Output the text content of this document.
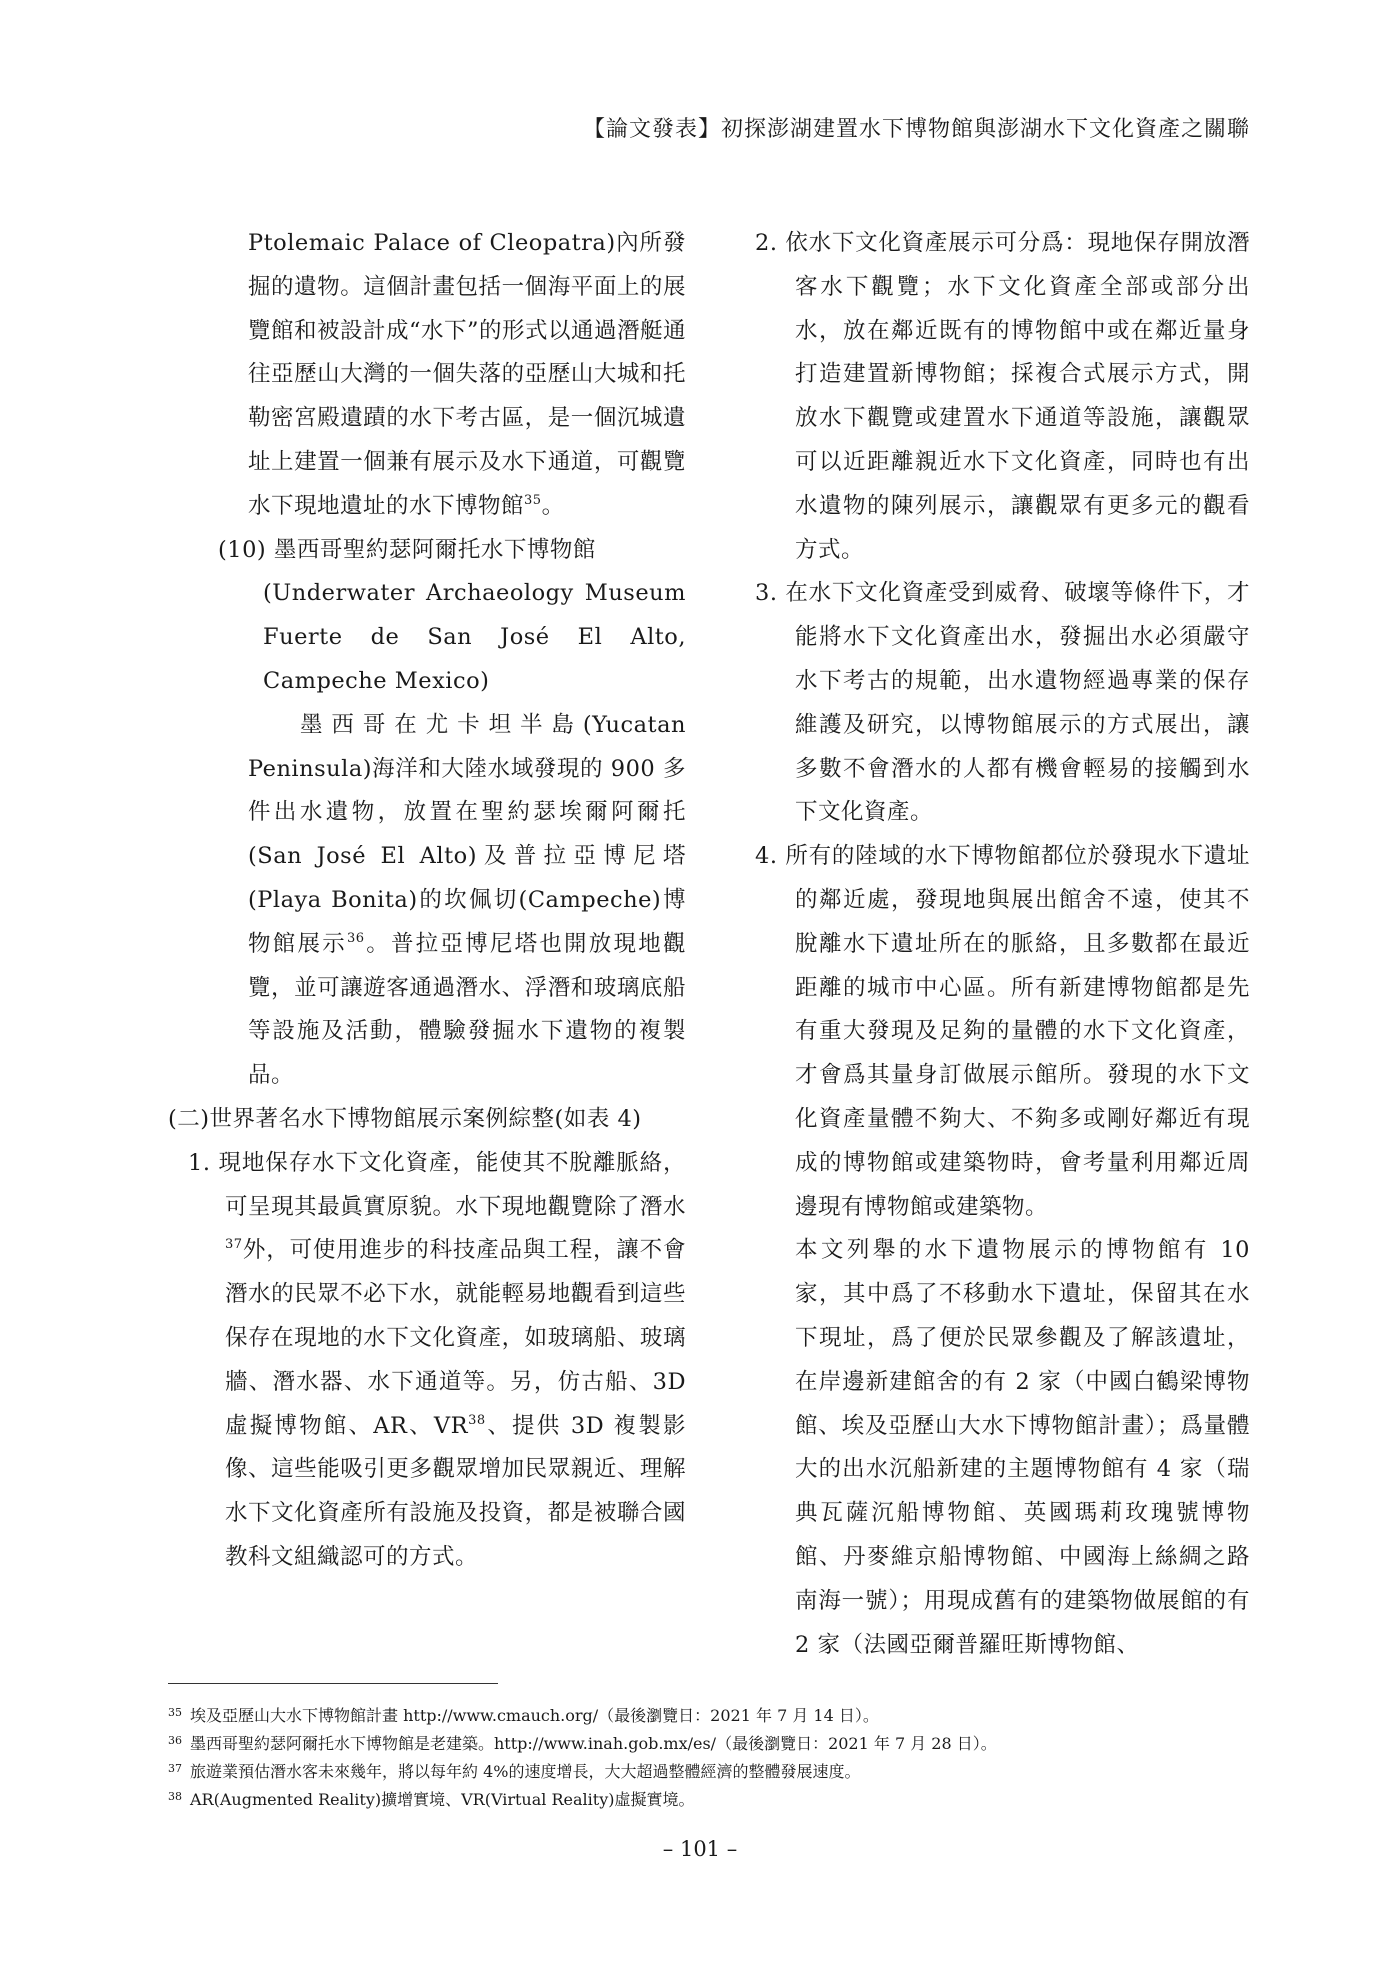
【論文發表】初探澎湖建置水下博物館與澎湖水下文化資產之關聯

Ptolemaic Palace of Cleopatra)內所發掘的遺物。這個計畫包括一個海平面上的展覽館和被設計成“水下”的形式以通過潛艇通往亞歷山大灣的一個失落的亞歷山大城和托勒密宮殿遺蹟的水下考古區，是一個沉城遺址上建置一個兼有展示及水下通道，可觀覽水下現地遺址的水下博物館$^{35}$。

(10) 墨西哥聖約瑟阿爾托水下博物館

(Underwater Archaeology Museum Fuerte de San José El Alto, Campeche Mexico)

墨西哥在尤卡坦半島(Yucatan Peninsula)海洋和大陸水域發現的 900 多件出水遺物，放置在聖約瑟埃爾阿爾托(San José El Alto)及普拉亞博尼塔(Playa Bonita)的坎佩切(Campeche)博物館展示$^{36}$。普拉亞博尼塔也開放現地觀覽，並可讓遊客通過潛水、浮潛和玻璃底船等設施及活動，體驗發掘水下遺物的複製品。

(二)世界著名水下博物館展示案例綜整(如表 4)

1. 現地保存水下文化資產，能使其不脫離脈絡，可呈現其最眞實原貌。水下現地觀覽除了潛水$^{37}$外，可使用進步的科技產品與工程，讓不會潛水的民眾不必下水，就能輕易地觀看到這些保存在現地的水下文化資產，如玻璃船、玻璃牆、潛水器、水下通道等。另，仿古船、3D 虛擬博物館、AR、VR$^{38}$、提供 3D 複製影像、這些能吸引更多觀眾增加民眾親近、理解水下文化資產所有設施及投資，都是被聯合國教科文組織認可的方式。

2. 依水下文化資產展示可分爲：現地保存開放潛客水下觀覽；水下文化資產全部或部分出水，放在鄰近既有的博物館中或在鄰近量身打造建置新博物館；採複合式展示方式，開放水下觀覽或建置水下通道等設施，讓觀眾可以近距離親近水下文化資產，同時也有出水遺物的陳列展示，讓觀眾有更多元的觀看方式。

3. 在水下文化資產受到威脅、破壞等條件下，才能將水下文化資產出水，發掘出水必須嚴守水下考古的規範，出水遺物經過專業的保存維護及研究，以博物館展示的方式展出，讓多數不會潛水的人都有機會輕易的接觸到水下文化資產。

4. 所有的陸域的水下博物館都位於發現水下遺址的鄰近處，發現地與展出館舍不遠，使其不脫離水下遺址所在的脈絡，且多數都在最近距離的城市中心區。所有新建博物館都是先有重大發現及足夠的量體的水下文化資產，才會爲其量身訂做展示館所。發現的水下文化資產量體不夠大、不夠多或剛好鄰近有現成的博物館或建築物時，會考量利用鄰近周邊現有博物館或建築物。

本文列舉的水下遺物展示的博物館有 10 家，其中爲了不移動水下遺址，保留其在水下現址，爲了便於民眾參觀及了解該遺址，在岸邊新建館舍的有 2 家（中國白鶴梁博物館、埃及亞歷山大水下博物館計畫）；爲量體大的出水沉船新建的主題博物館有 4 家（瑞典瓦薩沉船博物館、英國瑪莉玫瑰號博物館、丹麥維京船博物館、中國海上絲綢之路南海一號）；用現成舊有的建築物做展館的有 2 家（法國亞爾普羅旺斯博物館、

$^{35}$ 埃及亞歷山大水下博物館計畫 http://www.cmauch.org/（最後瀏覽日：2021 年 7 月 14 日）。

$^{36}$ 墨西哥聖約瑟阿爾托水下博物館是老建築。http://www.inah.gob.mx/es/（最後瀏覽日：2021 年 7 月 28 日）。

$^{37}$ 旅遊業預估潛水客未來幾年，將以每年約 4%的速度增長，大大超過整體經濟的整體發展速度。

$^{38}$ AR(Augmented Reality)擴增實境、VR(Virtual Reality)虛擬實境。

– 101 –
